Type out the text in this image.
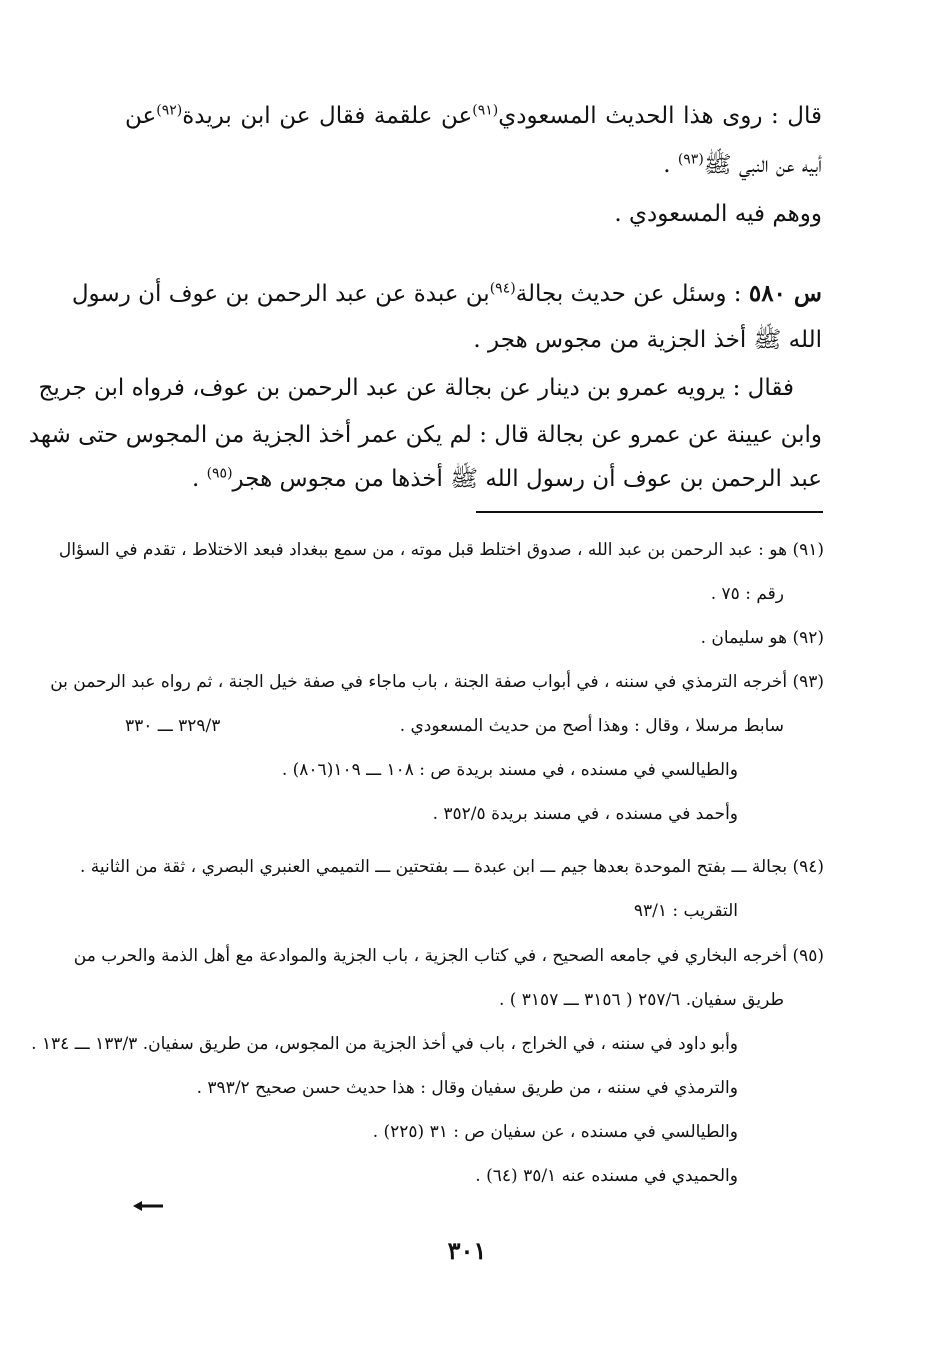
قال : روى هذا الحديث المسعودي$^{(٩١)}$عن علقمة فقال عن ابن بريدة$^{(٩٢)}$عن
أبيه عن النبي ﷺ$^{(٩٣)}$ .
ووهم فيه المسعودي .
س ٥٨٠ : وسئل عن حديث بجالة$^{(٩٤)}$بن عبدة عن عبد الرحمن بن عوف أن رسول
الله ﷺ أخذ الجزية من مجوس هجر .
فقال : يرويه عمرو بن دينار عن بجالة عن عبد الرحمن بن عوف، فرواه ابن جريج
وابن عيينة عن عمرو عن بجالة قال : لم يكن عمر أخذ الجزية من المجوس حتى شهد
عبد الرحمن بن عوف أن رسول الله ﷺ أخذها من مجوس هجر$^{(٩٥)}$ .
(٩١) هو : عبد الرحمن بن عبد الله ، صدوق اختلط قبل موته ، من سمع ببغداد فبعد الاختلاط ، تقدم في السؤال
رقم : ٧٥ .
(٩٢) هو سليمان .
(٩٣) أخرجه الترمذي في سننه ، في أبواب صفة الجنة ، باب ماجاء في صفة خيل الجنة ، ثم رواه عبد الرحمن بن
سابط مرسلا ، وقال : وهذا أصح من حديث المسعودي .
٣٢٩/٣ ـــ ٣٣٠
والطيالسي في مسنده ، في مسند بريدة ص : ١٠٨ ـــ ١٠٩(٨٠٦) .
وأحمد في مسنده ، في مسند بريدة ٣٥٢/٥ .
(٩٤) بجالة ـــ بفتح الموحدة بعدها جيم ـــ ابن عبدة ـــ بفتحتين ـــ التميمي العنبري البصري ، ثقة من الثانية .
التقريب : ٩٣/١
(٩٥) أخرجه البخاري في جامعه الصحيح ، في كتاب الجزية ، باب الجزية والموادعة مع أهل الذمة والحرب من
طريق سفيان. ٢٥٧/٦ ( ٣١٥٦ ـــ ٣١٥٧ ) .
وأبو داود في سننه ، في الخراج ، باب في أخذ الجزية من المجوس، من طريق سفيان. ١٣٣/٣ ـــ ١٣٤ .
والترمذي في سننه ، من طريق سفيان وقال : هذا حديث حسن صحيح ٣٩٣/٢ .
والطيالسي في مسنده ، عن سفيان ص : ٣١ (٢٢٥) .
والحميدي في مسنده عنه ٣٥/١ (٦٤) .
٣٠١
